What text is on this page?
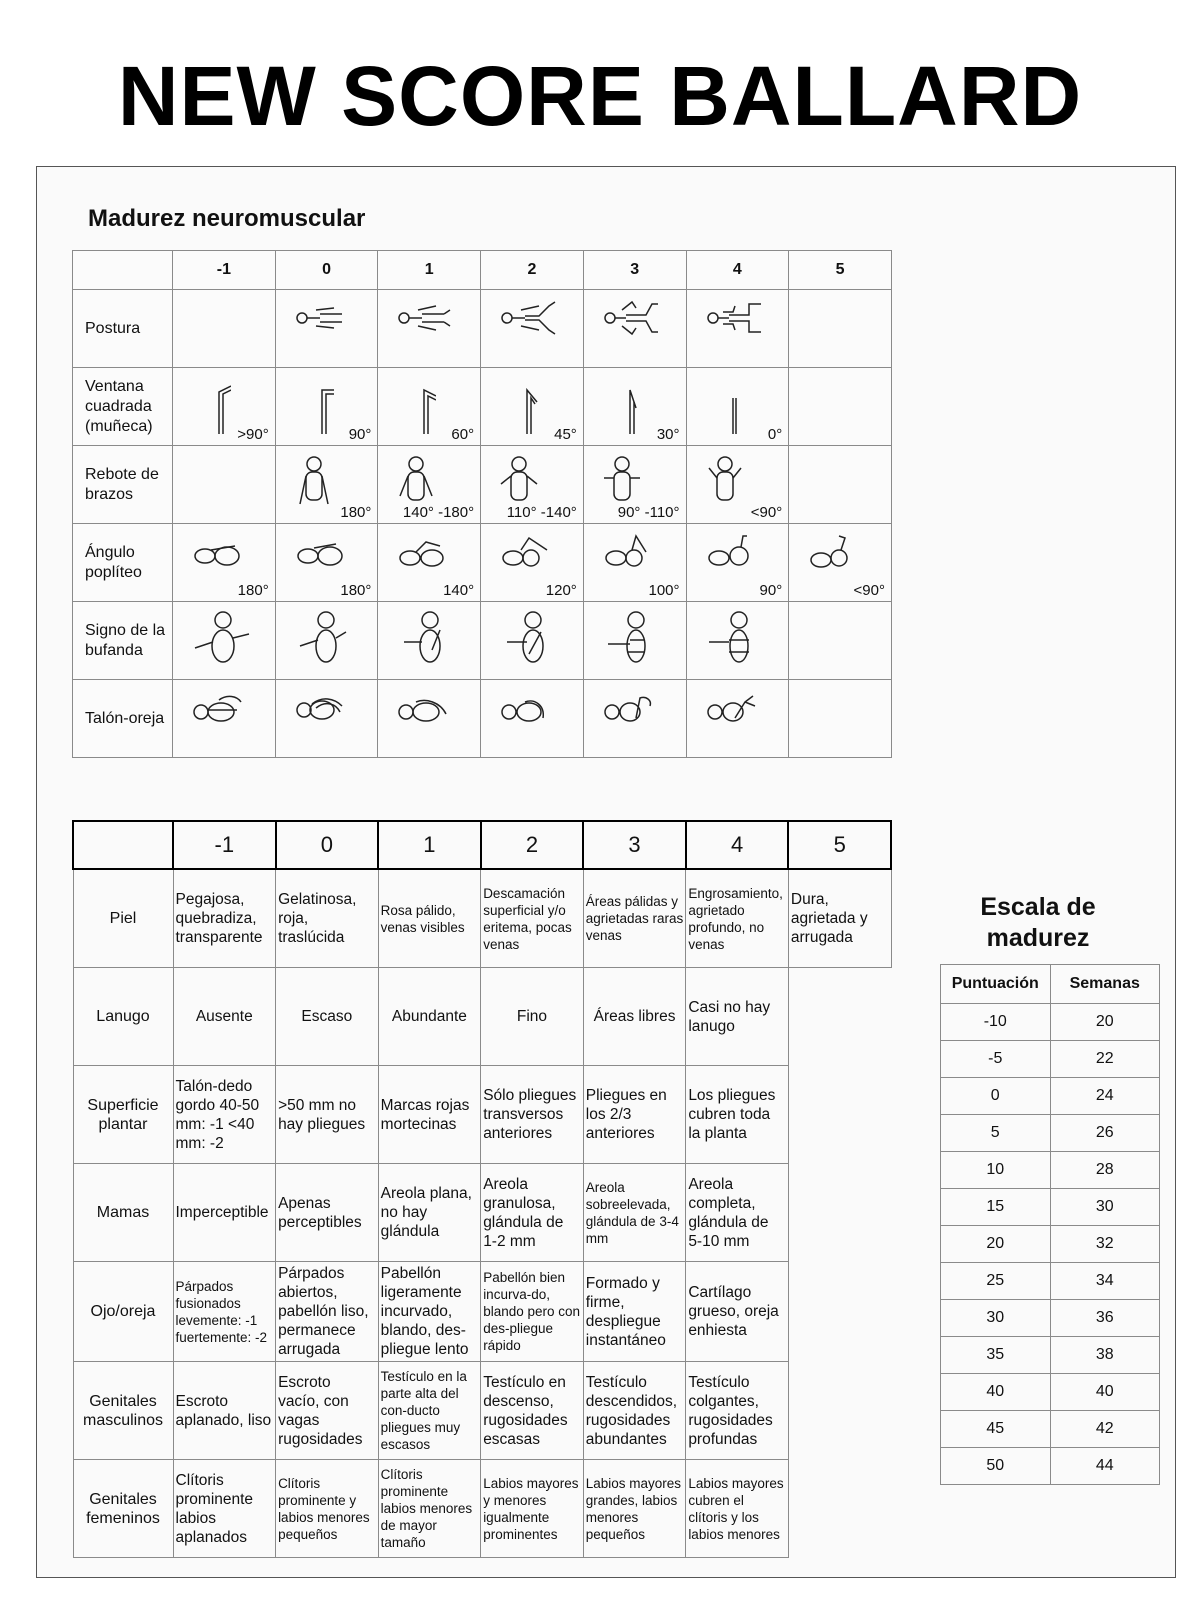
NEW SCORE BALLARD
Madurez neuromuscular
	-1	0	1	2	3	4	5
Postura		

Ventana cuadrada (muñeca)	>90°	90°	60°	45°	30°	0°	

Rebote de brazos		180°	140° -180°	110° -140°	90° -110°	<90°	

Ángulo poplíteo	180°	180°	140°	120°	100°	90°	<90°

Signo de la bufanda	

Talón-oreja	

	-1	0	1	2	3	4	5
Piel	Pegajosa, quebradiza, transparente	Gelatinosa, roja, traslúcida	Rosa pálido, venas visibles	Descamación superficial y/o eritema, pocas venas	Áreas pálidas y agrietadas raras venas	Engrosamiento, agrietado profundo, no venas	Dura, agrietada y arrugada
Lanugo	Ausente	Escaso	Abundante	Fino	Áreas libres	Casi no hay lanugo	
Superficie plantar	Talón-dedo gordo 40-50 mm: -1 <40 mm: -2	>50 mm no hay pliegues	Marcas rojas mortecinas	Sólo pliegues transversos anteriores	Pliegues en los 2/3 anteriores	Los pliegues cubren toda la planta	
Mamas	Imperceptible	Apenas perceptibles	Areola plana, no hay glándula	Areola granulosa, glándula de 1-2 mm	Areola sobreelevada, glándula de 3-4 mm	Areola completa, glándula de 5-10 mm	
Ojo/oreja	Párpados fusionados levemente: -1 fuertemente: -2	Párpados abiertos, pabellón liso, permanece arrugada	Pabellón ligeramente incurvado, blando, des-pliegue lento	Pabellón bien incurva-do, blando pero con des-pliegue rápido	Formado y firme, despliegue instantáneo	Cartílago grueso, oreja enhiesta	
Genitales masculinos	Escroto aplanado, liso	Escroto vacío, con vagas rugosidades	Testículo en la parte alta del con-ducto pliegues muy escasos	Testículo en descenso, rugosidades escasas	Testículo descendidos, rugosidades abundantes	Testículo colgantes, rugosidades profundas	
Genitales femeninos	Clítoris prominente labios aplanados	Clítoris prominente y labios menores pequeños	Clítoris prominente labios menores de mayor tamaño	Labios mayores y menores igualmente prominentes	Labios mayores grandes, labios menores pequeños	Labios mayores cubren el clítoris y los labios menores	
Escala de madurez
Puntuación	Semanas
-10	20
-5	22
0	24
5	26
10	28
15	30
20	32
25	34
30	36
35	38
40	40
45	42
50	44
